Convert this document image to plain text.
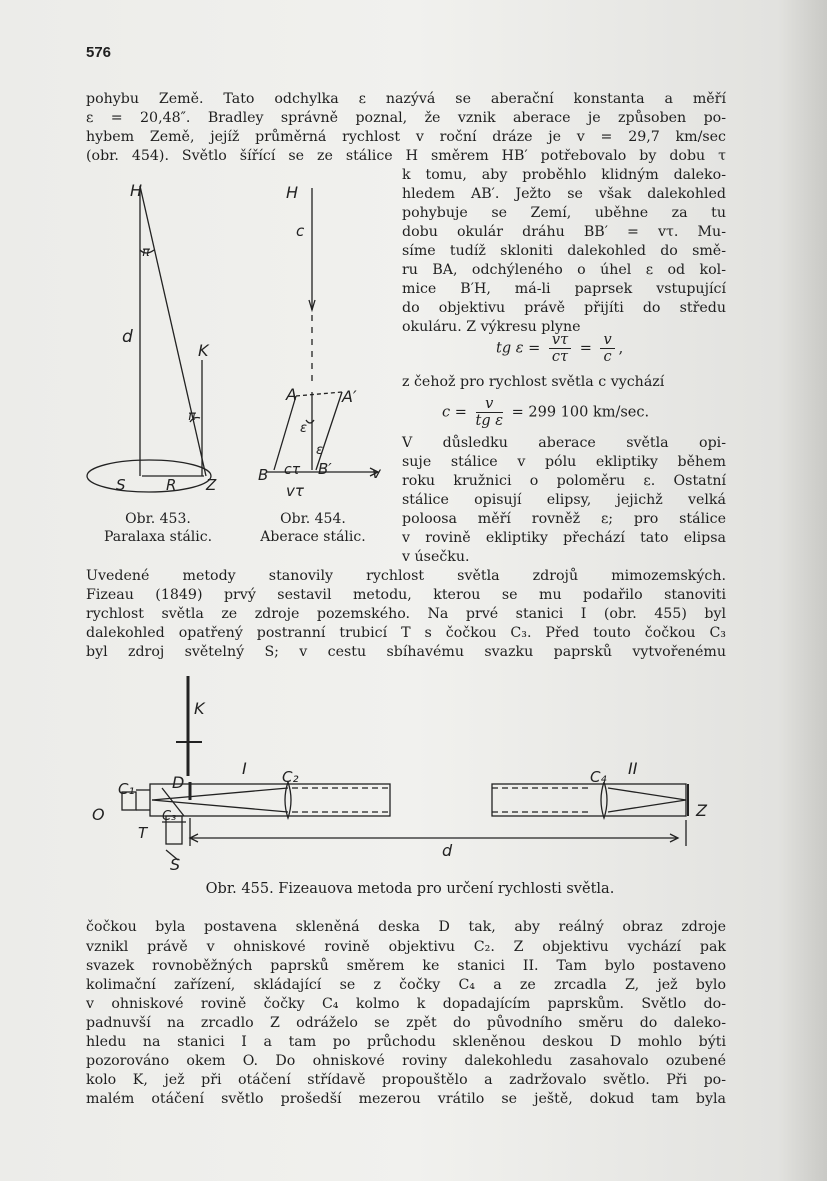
576
pohybu Země. Tato odchylka ε nazývá se aberační konstanta a měří
ε = 20,48″. Bradley správně poznal, že vznik aberace je způsoben po-
hybem Země, jejíž průměrná rychlost v roční dráze je v = 29,7 km/sec
(obr. 454). Světlo šířící se ze stálice H směrem HB′ potřebovalo by dobu τ
k tomu, aby proběhlo klidným daleko-
hledem AB′. Ježto se však dalekohled
pohybuje se Zemí, uběhne za tu
dobu okulár dráhu BB′ = vτ. Mu-
síme tudíž skloniti dalekohled do smě-
ru BA, odchýleného o úhel ε od kol-
mice B′H, má-li paprsek vstupující
do objektivu právě přijíti do středu
okuláru. Z výkresu plyne
tg $\varepsilon = \frac{v\tau}{c\tau} = \frac{v}{c}$ ,
z čehož pro rychlost světla c vychází
$c = \frac{v}{\text{tg ε}} = 299$ 100 km/sec.
V důsledku aberace světla opi-
suje stálice v pólu ekliptiky během
roku kružnici o poloměru ε. Ostatní
stálice opisují elipsy, jejichž velká
poloosa měří rovněž ε; pro stálice
v rovině ekliptiky přechází tato elipsa
v úsečku.
H
π
d
K
π
S	R Z
H
c
A	A′
ε
ε
cτ
B	B′	v
vτ
Obr. 453.
Paralaxa stálic.
Obr. 454.
Aberace stálic.
Uvedené metody stanovily rychlost světla zdrojů mimozemských.
Fizeau (1849) prvý sestavil metodu, kterou se mu podařilo stanoviti
rychlost světla ze zdroje pozemského. Na prvé stanici I (obr. 455) byl
dalekohled opatřený postranní trubicí T s čočkou C₃. Před touto čočkou C₃
byl zdroj světelný S; v cestu sbíhavému svazku paprsků vytvořenému
K
I
C₁ D	C₂
O
T
C₃
S
d
C₄ II
Z
Obr. 455. Fizeauova metoda pro určení rychlosti světla.
čočkou byla postavena skleněná deska D tak, aby reálný obraz zdroje
vznikl právě v ohniskové rovině objektivu C₂. Z objektivu vychází pak
svazek rovnoběžných paprsků směrem ke stanici II. Tam bylo postaveno
kolimační zařízení, skládající se z čočky C₄ a ze zrcadla Z, jež bylo
v ohniskové rovině čočky C₄ kolmo k dopadajícím paprskům. Světlo do-
padnuvší na zrcadlo Z odráželo se zpět do původního směru do daleko-
hledu na stanici I a tam po průchodu skleněnou deskou D mohlo býti
pozorováno okem O. Do ohniskové roviny dalekohledu zasahovalo ozubené
kolo K, jež při otáčení střídavě propouštělo a zadržovalo světlo. Při po-
malém otáčení světlo prošedší mezerou vrátilo se ještě, dokud tam byla
